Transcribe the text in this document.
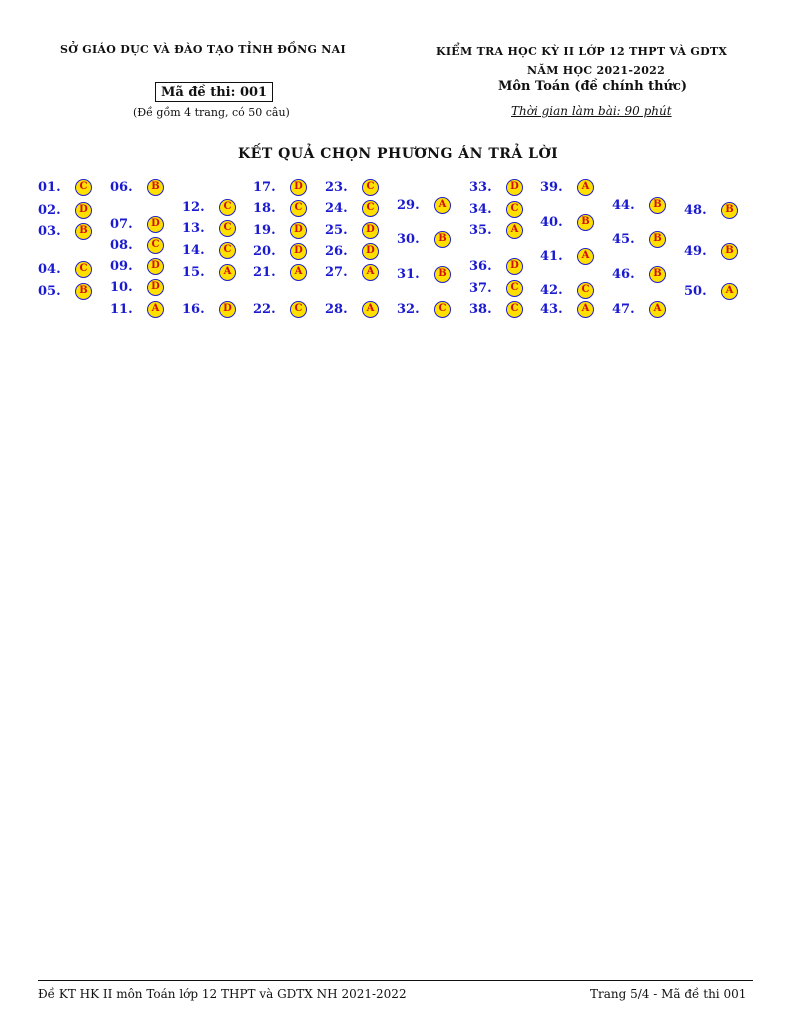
SỞ GIÁO DỤC VÀ ĐÀO TẠO TỈNH ĐỒNG NAI
Mã đề thi: 001
(Đề gồm 4 trang, có 50 câu)
KIỂM TRA HỌC KỲ II LỚP 12 THPT VÀ GDTX
NĂM HỌC 2021-2022
Môn Toán (đề chính thức)
Thời gian làm bài: 90 phút
KẾT QUẢ CHỌN PHƯƠNG ÁN TRẢ LỜI
01.	C
02.	D
03.	B
04.	C
05.	B
06.	B
07.	D
08.	C
09.	D
10.	D
11.	A
12.	C
13.	C
14.	C
15.	A
16.	D
17.	D
18.	C
19.	D
20.	D
21.	A
22.	C
23.	C
24.	C
25.	D
26.	D
27.	A
28.	A
29.	A
30.	B
31.	B
32.	C
33.	D
34.	C
35.	A
36.	D
37.	C
38.	C
39.	A
40.	B
41.	A
42.	C
43.	A
44.	B
45.	B
46.	B
47.	A
48.	B
49.	B
50.	A
Đề KT HK II môn Toán lớp 12 THPT và GDTX NH 2021-2022	Trang 5/4 - Mã đề thi 001
